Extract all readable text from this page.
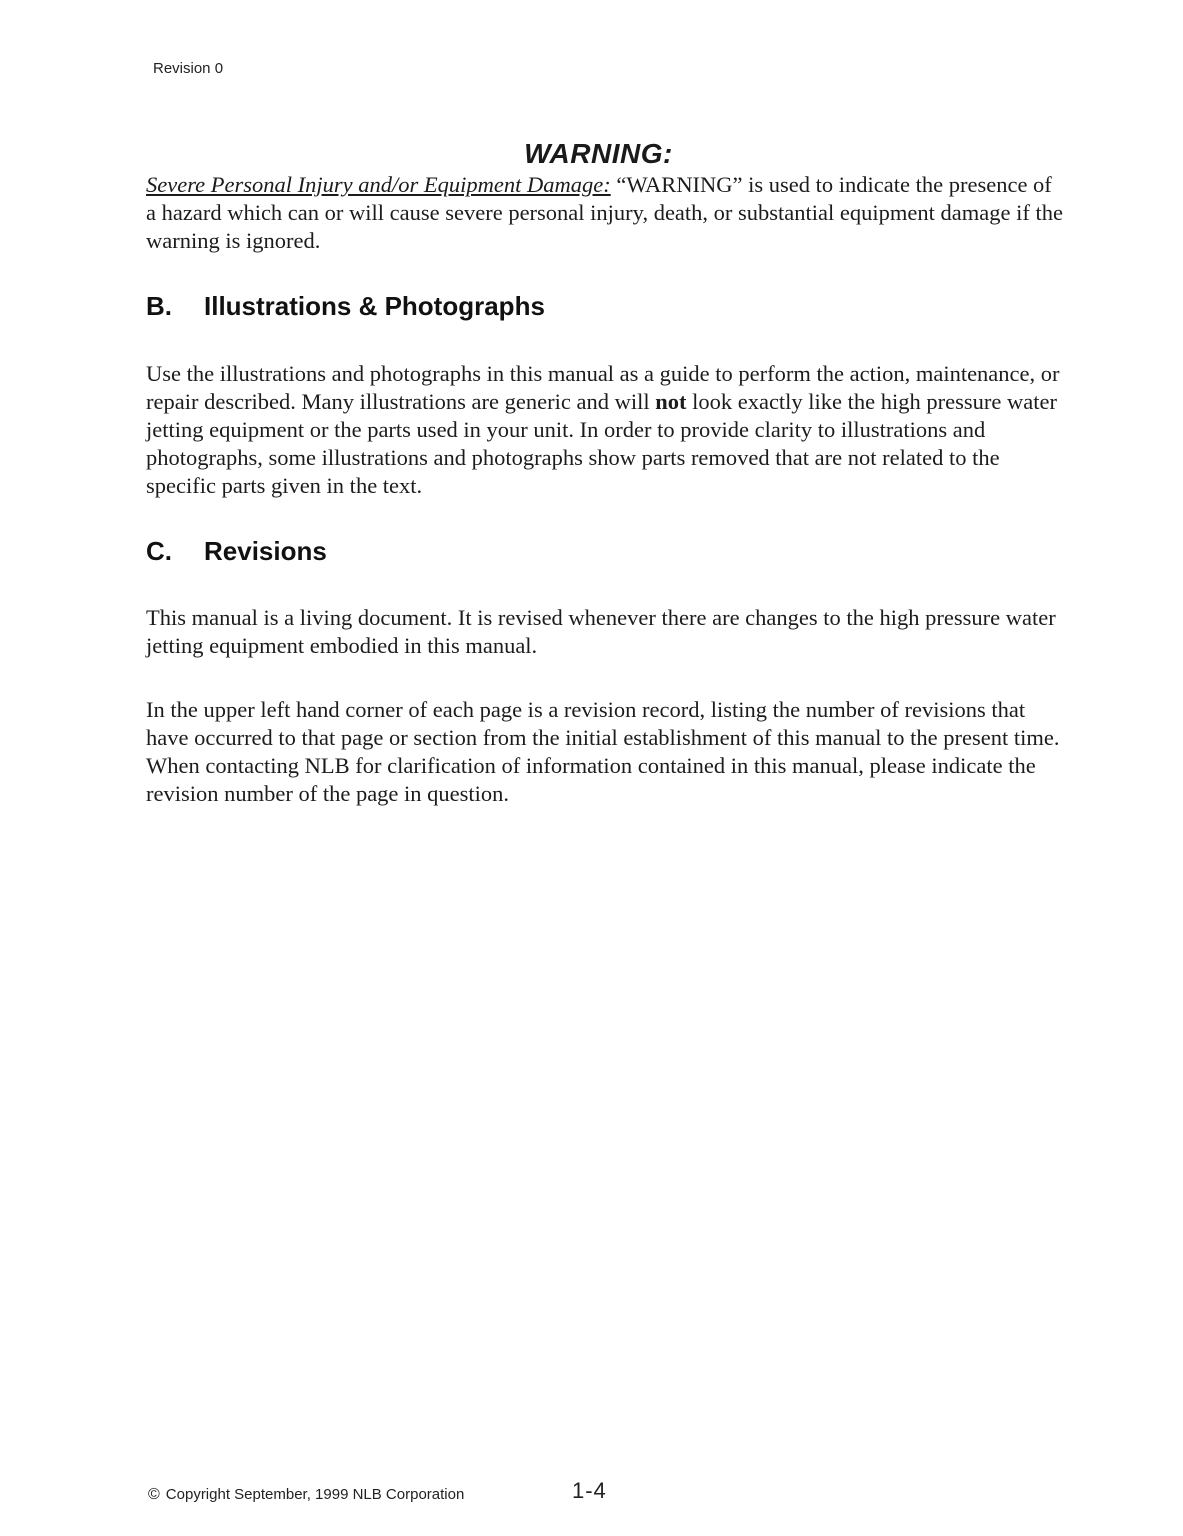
Revision 0
WARNING:

Severe Personal Injury and/or Equipment Damage: “WARNING” is used to indicate the presence of a hazard which can or will cause severe personal injury, death, or substantial equipment damage if the warning is ignored.

B. Illustrations & Photographs

Use the illustrations and photographs in this manual as a guide to perform the action, maintenance, or repair described. Many illustrations are generic and will not look exactly like the high pressure water jetting equipment or the parts used in your unit. In order to provide clarity to illustrations and photographs, some illustrations and photographs show parts removed that are not related to the specific parts given in the text.

C. Revisions

This manual is a living document. It is revised whenever there are changes to the high pressure water jetting equipment embodied in this manual.

In the upper left hand corner of each page is a revision record, listing the number of revisions that have occurred to that page or section from the initial establishment of this manual to the present time. When contacting NLB for clarification of information contained in this manual, please indicate the revision number of the page in question.

© Copyright September, 1999 NLB Corporation	1-4
